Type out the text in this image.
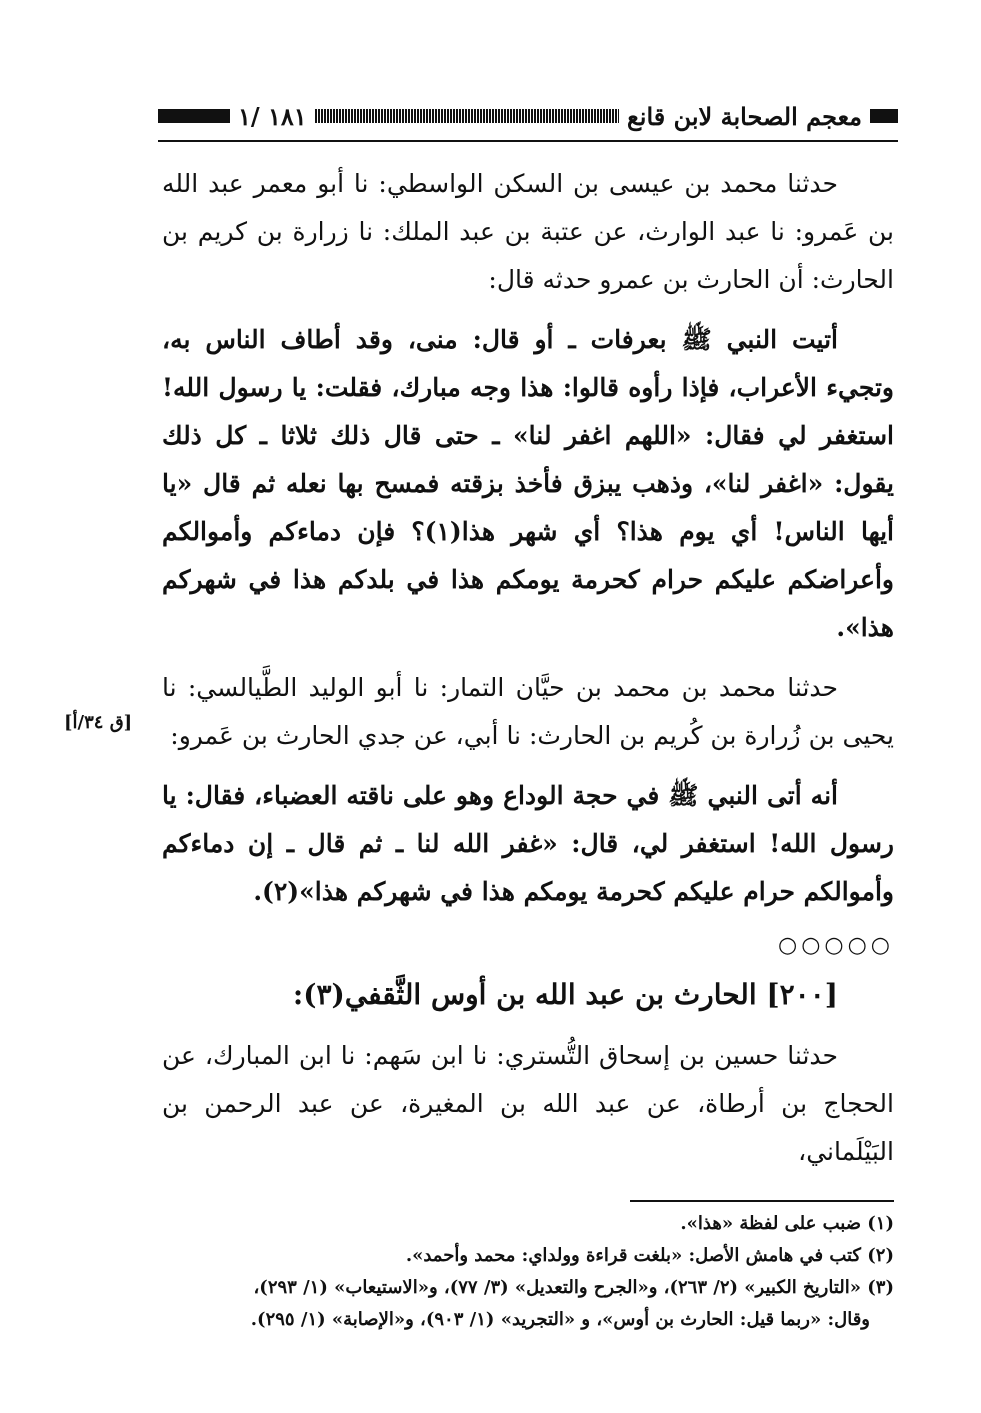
معجم الصحابة لابن قانع
١٨١ /١
[ق ٣٤/أ]

حدثنا محمد بن عيسى بن السكن الواسطي: نا أبو معمر عبد الله بن عَمرو: نا عبد الوارث، عن عتبة بن عبد الملك: نا زرارة بن كريم بن الحارث: أن الحارث بن عمرو حدثه قال:

أتيت النبي ﷺ بعرفات ـ أو قال: منى، وقد أطاف الناس به، وتجيء الأعراب، فإذا رأوه قالوا: هذا وجه مبارك، فقلت: يا رسول الله! استغفر لي فقال: «اللهم اغفر لنا» ـ حتى قال ذلك ثلاثا ـ كل ذلك يقول: «اغفر لنا»، وذهب يبزق فأخذ بزقته فمسح بها نعله ثم قال «يا أيها الناس! أي يوم هذا؟ أي شهر هذا(١)؟ فإن دماءكم وأموالكم وأعراضكم عليكم حرام كحرمة يومكم هذا في بلدكم هذا في شهركم هذا».

حدثنا محمد بن محمد بن حيَّان التمار: نا أبو الوليد الطَّيالسي: نا يحيى بن زُرارة بن كُريم بن الحارث: نا أبي، عن جدي الحارث بن عَمرو:

أنه أتى النبي ﷺ في حجة الوداع وهو على ناقته العضباء، فقال: يا رسول الله! استغفر لي، قال: «غفر الله لنا ـ ثم قال ـ إن دماءكم وأموالكم حرام عليكم كحرمة يومكم هذا في شهركم هذا»(٢).

○○○○○

[٢٠٠] الحارث بن عبد الله بن أوس الثَّقفي(٣):

حدثنا حسين بن إسحاق التُّستري: نا ابن سَهم: نا ابن المبارك، عن الحجاج بن أرطاة، عن عبد الله بن المغيرة، عن عبد الرحمن بن البَيْلَماني،

(١) ضبب على لفظة «هذا».
(٢) كتب في هامش الأصل: «بلغت قراءة وولداي: محمد وأحمد».
(٣) «التاريخ الكبير» (٢/ ٢٦٣)، و«الجرح والتعديل» (٣/ ٧٧)، و«الاستيعاب» (١/ ٢٩٣)،
وقال: «ربما قيل: الحارث بن أوس»، و «التجريد» (١/ ٩٠٣)، و«الإصابة» (١/ ٢٩٥).
